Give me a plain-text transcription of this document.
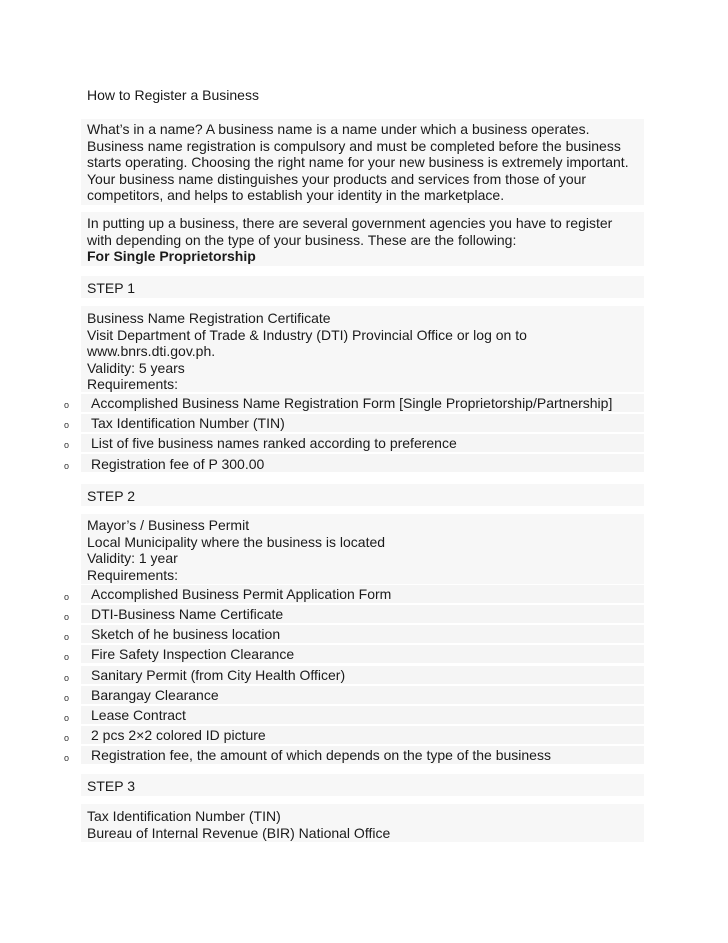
How to Register a Business
What’s in a name? A business name is a name under which a business operates.
Business name registration is compulsory and must be completed before the business
starts operating. Choosing the right name for your new business is extremely important.
Your business name distinguishes your products and services from those of your
competitors, and helps to establish your identity in the marketplace.
In putting up a business, there are several government agencies you have to register
with depending on the type of your business. These are the following:
For Single Proprietorship
STEP 1
Business Name Registration Certificate
Visit Department of Trade & Industry (DTI) Provincial Office or log on to
www.bnrs.dti.gov.ph.
Validity: 5 years
Requirements:
o Accomplished Business Name Registration Form [Single Proprietorship/Partnership]
o Tax Identification Number (TIN)
o List of five business names ranked according to preference
o Registration fee of P 300.00
STEP 2
Mayor’s / Business Permit
Local Municipality where the business is located
Validity: 1 year
Requirements:
o Accomplished Business Permit Application Form
o DTI-Business Name Certificate
o Sketch of he business location
o Fire Safety Inspection Clearance
o Sanitary Permit (from City Health Officer)
o Barangay Clearance
o Lease Contract
o 2 pcs 2×2 colored ID picture
o Registration fee, the amount of which depends on the type of the business
STEP 3
Tax Identification Number (TIN)
Bureau of Internal Revenue (BIR) National Office
